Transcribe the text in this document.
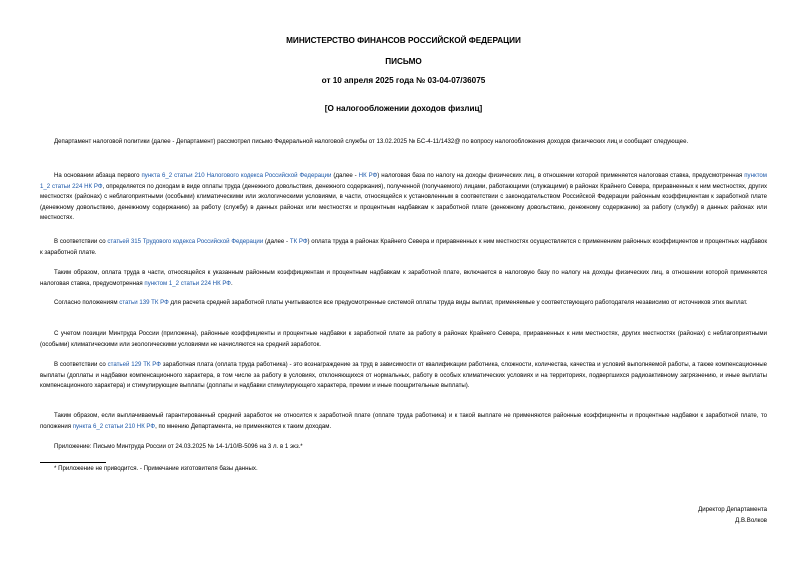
МИНИСТЕРСТВО ФИНАНСОВ РОССИЙСКОЙ ФЕДЕРАЦИИ
ПИСЬМО
от 10 апреля 2025 года № 03-04-07/36075
[О налогообложении доходов физлиц]
Департамент налоговой политики (далее - Департамент) рассмотрел письмо Федеральной налоговой службы от 13.02.2025 № БС-4-11/1432@ по вопросу налогообложения доходов физических лиц и сообщает следующее.
На основании абзаца первого пункта 6_2 статьи 210 Налогового кодекса Российской Федерации (далее - НК РФ) налоговая база по налогу на доходы физических лиц, в отношении которой применяется налоговая ставка, предусмотренная пунктом 1_2 статьи 224 НК РФ, определяется по доходам в виде оплаты труда (денежного довольствия, денежного содержания), полученной (получаемого) лицами, работающими (служащими) в районах Крайнего Севера, приравненных к ним местностях, других местностях (районах) с неблагоприятными (особыми) климатическими или экологическими условиями, в части, относящейся к установленным в соответствии с законодательством Российской Федерации районным коэффициентам к заработной плате (денежному довольствию, денежному содержанию) за работу (службу) в данных районах или местностях и процентным надбавкам к заработной плате (денежному довольствию, денежному содержанию) за работу (службу) в данных районах или местностях.
В соответствии со статьей 315 Трудового кодекса Российской Федерации (далее - ТК РФ) оплата труда в районах Крайнего Севера и приравненных к ним местностях осуществляется с применением районных коэффициентов и процентных надбавок к заработной плате.
Таким образом, оплата труда в части, относящейся к указанным районным коэффициентам и процентным надбавкам к заработной плате, включается в налоговую базу по налогу на доходы физических лиц, в отношении которой применяется налоговая ставка, предусмотренная пунктом 1_2 статьи 224 НК РФ.
Согласно положениям статьи 139 ТК РФ для расчета средней заработной платы учитываются все предусмотренные системой оплаты труда виды выплат, применяемые у соответствующего работодателя независимо от источников этих выплат.
С учетом позиции Минтруда России (приложена), районные коэффициенты и процентные надбавки к заработной плате за работу в районах Крайнего Севера, приравненных к ним местностях, других местностях (районах) с неблагоприятными (особыми) климатическими или экологическими условиями не начисляются на средний заработок.
В соответствии со статьей 129 ТК РФ заработная плата (оплата труда работника) - это вознаграждение за труд в зависимости от квалификации работника, сложности, количества, качества и условий выполняемой работы, а также компенсационные выплаты (доплаты и надбавки компенсационного характера, в том числе за работу в условиях, отклоняющихся от нормальных, работу в особых климатических условиях и на территориях, подвергшихся радиоактивному загрязнению, и иные выплаты компенсационного характера) и стимулирующие выплаты (доплаты и надбавки стимулирующего характера, премии и иные поощрительные выплаты).
Таким образом, если выплачиваемый гарантированный средний заработок не относится к заработной плате (оплате труда работника) и к такой выплате не применяются районные коэффициенты и процентные надбавки к заработной плате, то положения пункта 6_2 статьи 210 НК РФ, по мнению Департамента, не применяются к таким доходам.
Приложение: Письмо Минтруда России от 24.03.2025 № 14-1/10/В-5096 на 3 л. в 1 экз.*
* Приложение не приводится. - Примечание изготовителя базы данных.
Директор Департамента
Д.В.Волков
